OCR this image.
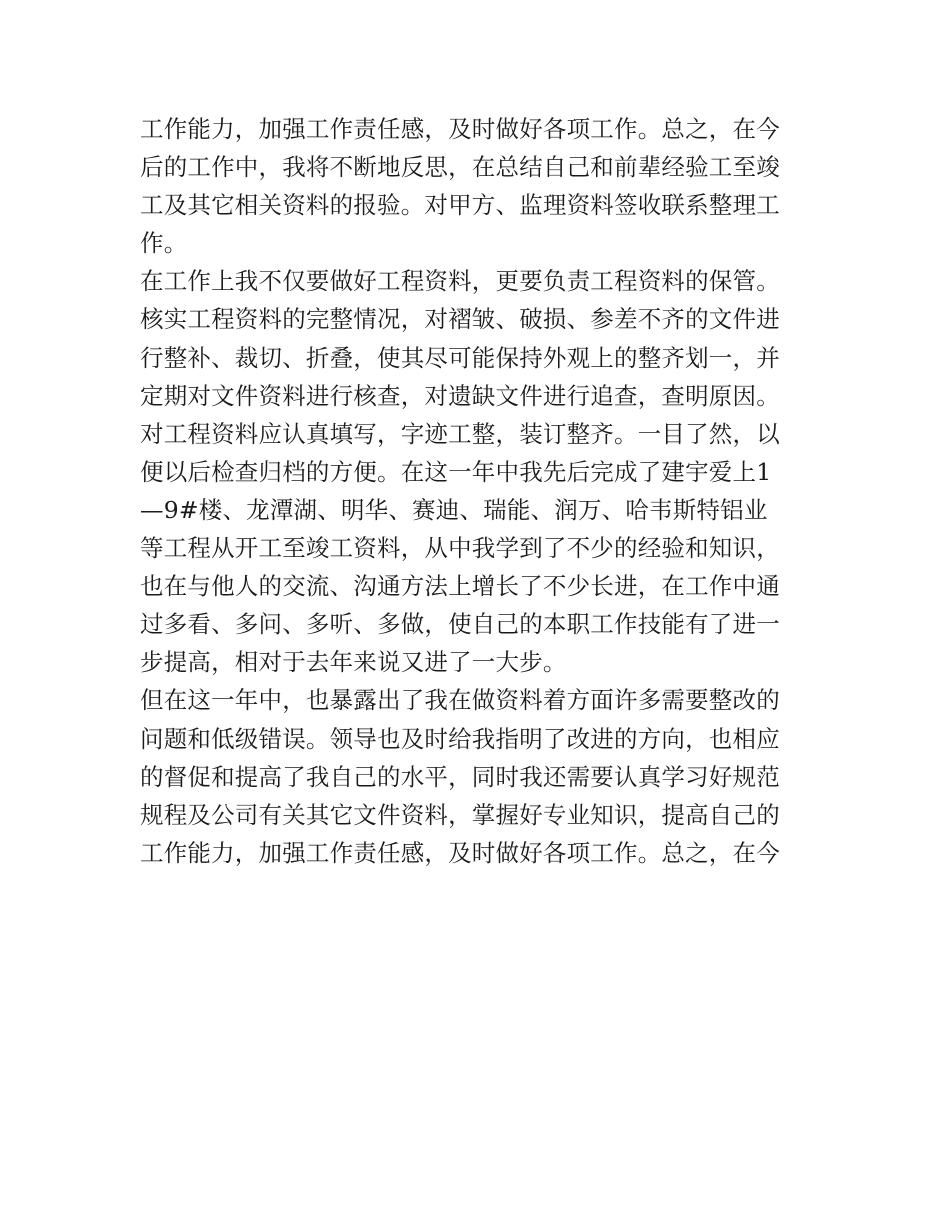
工作能力，加强工作责任感，及时做好各项工作。总之，在今
后的工作中，我将不断地反思，在总结自己和前辈经验工至竣
工及其它相关资料的报验。对甲方、监理资料签收联系整理工
作。
在工作上我不仅要做好工程资料，更要负责工程资料的保管。
核实工程资料的完整情况，对褶皱、破损、参差不齐的文件进
行整补、裁切、折叠，使其尽可能保持外观上的整齐划一，并
定期对文件资料进行核查，对遗缺文件进行追查，查明原因。
对工程资料应认真填写，字迹工整，装订整齐。一目了然，以
便以后检查归档的方便。在这一年中我先后完成了建宇爱上1
—9#楼、龙潭湖、明华、赛迪、瑞能、润万、哈韦斯特铝业
等工程从开工至竣工资料，从中我学到了不少的经验和知识，
也在与他人的交流、沟通方法上增长了不少长进，在工作中通
过多看、多问、多听、多做，使自己的本职工作技能有了进一
步提高，相对于去年来说又进了一大步。
但在这一年中，也暴露出了我在做资料着方面许多需要整改的
问题和低级错误。领导也及时给我指明了改进的方向，也相应
的督促和提高了我自己的水平，同时我还需要认真学习好规范
规程及公司有关其它文件资料，掌握好专业知识，提高自己的
工作能力，加强工作责任感，及时做好各项工作。总之，在今
